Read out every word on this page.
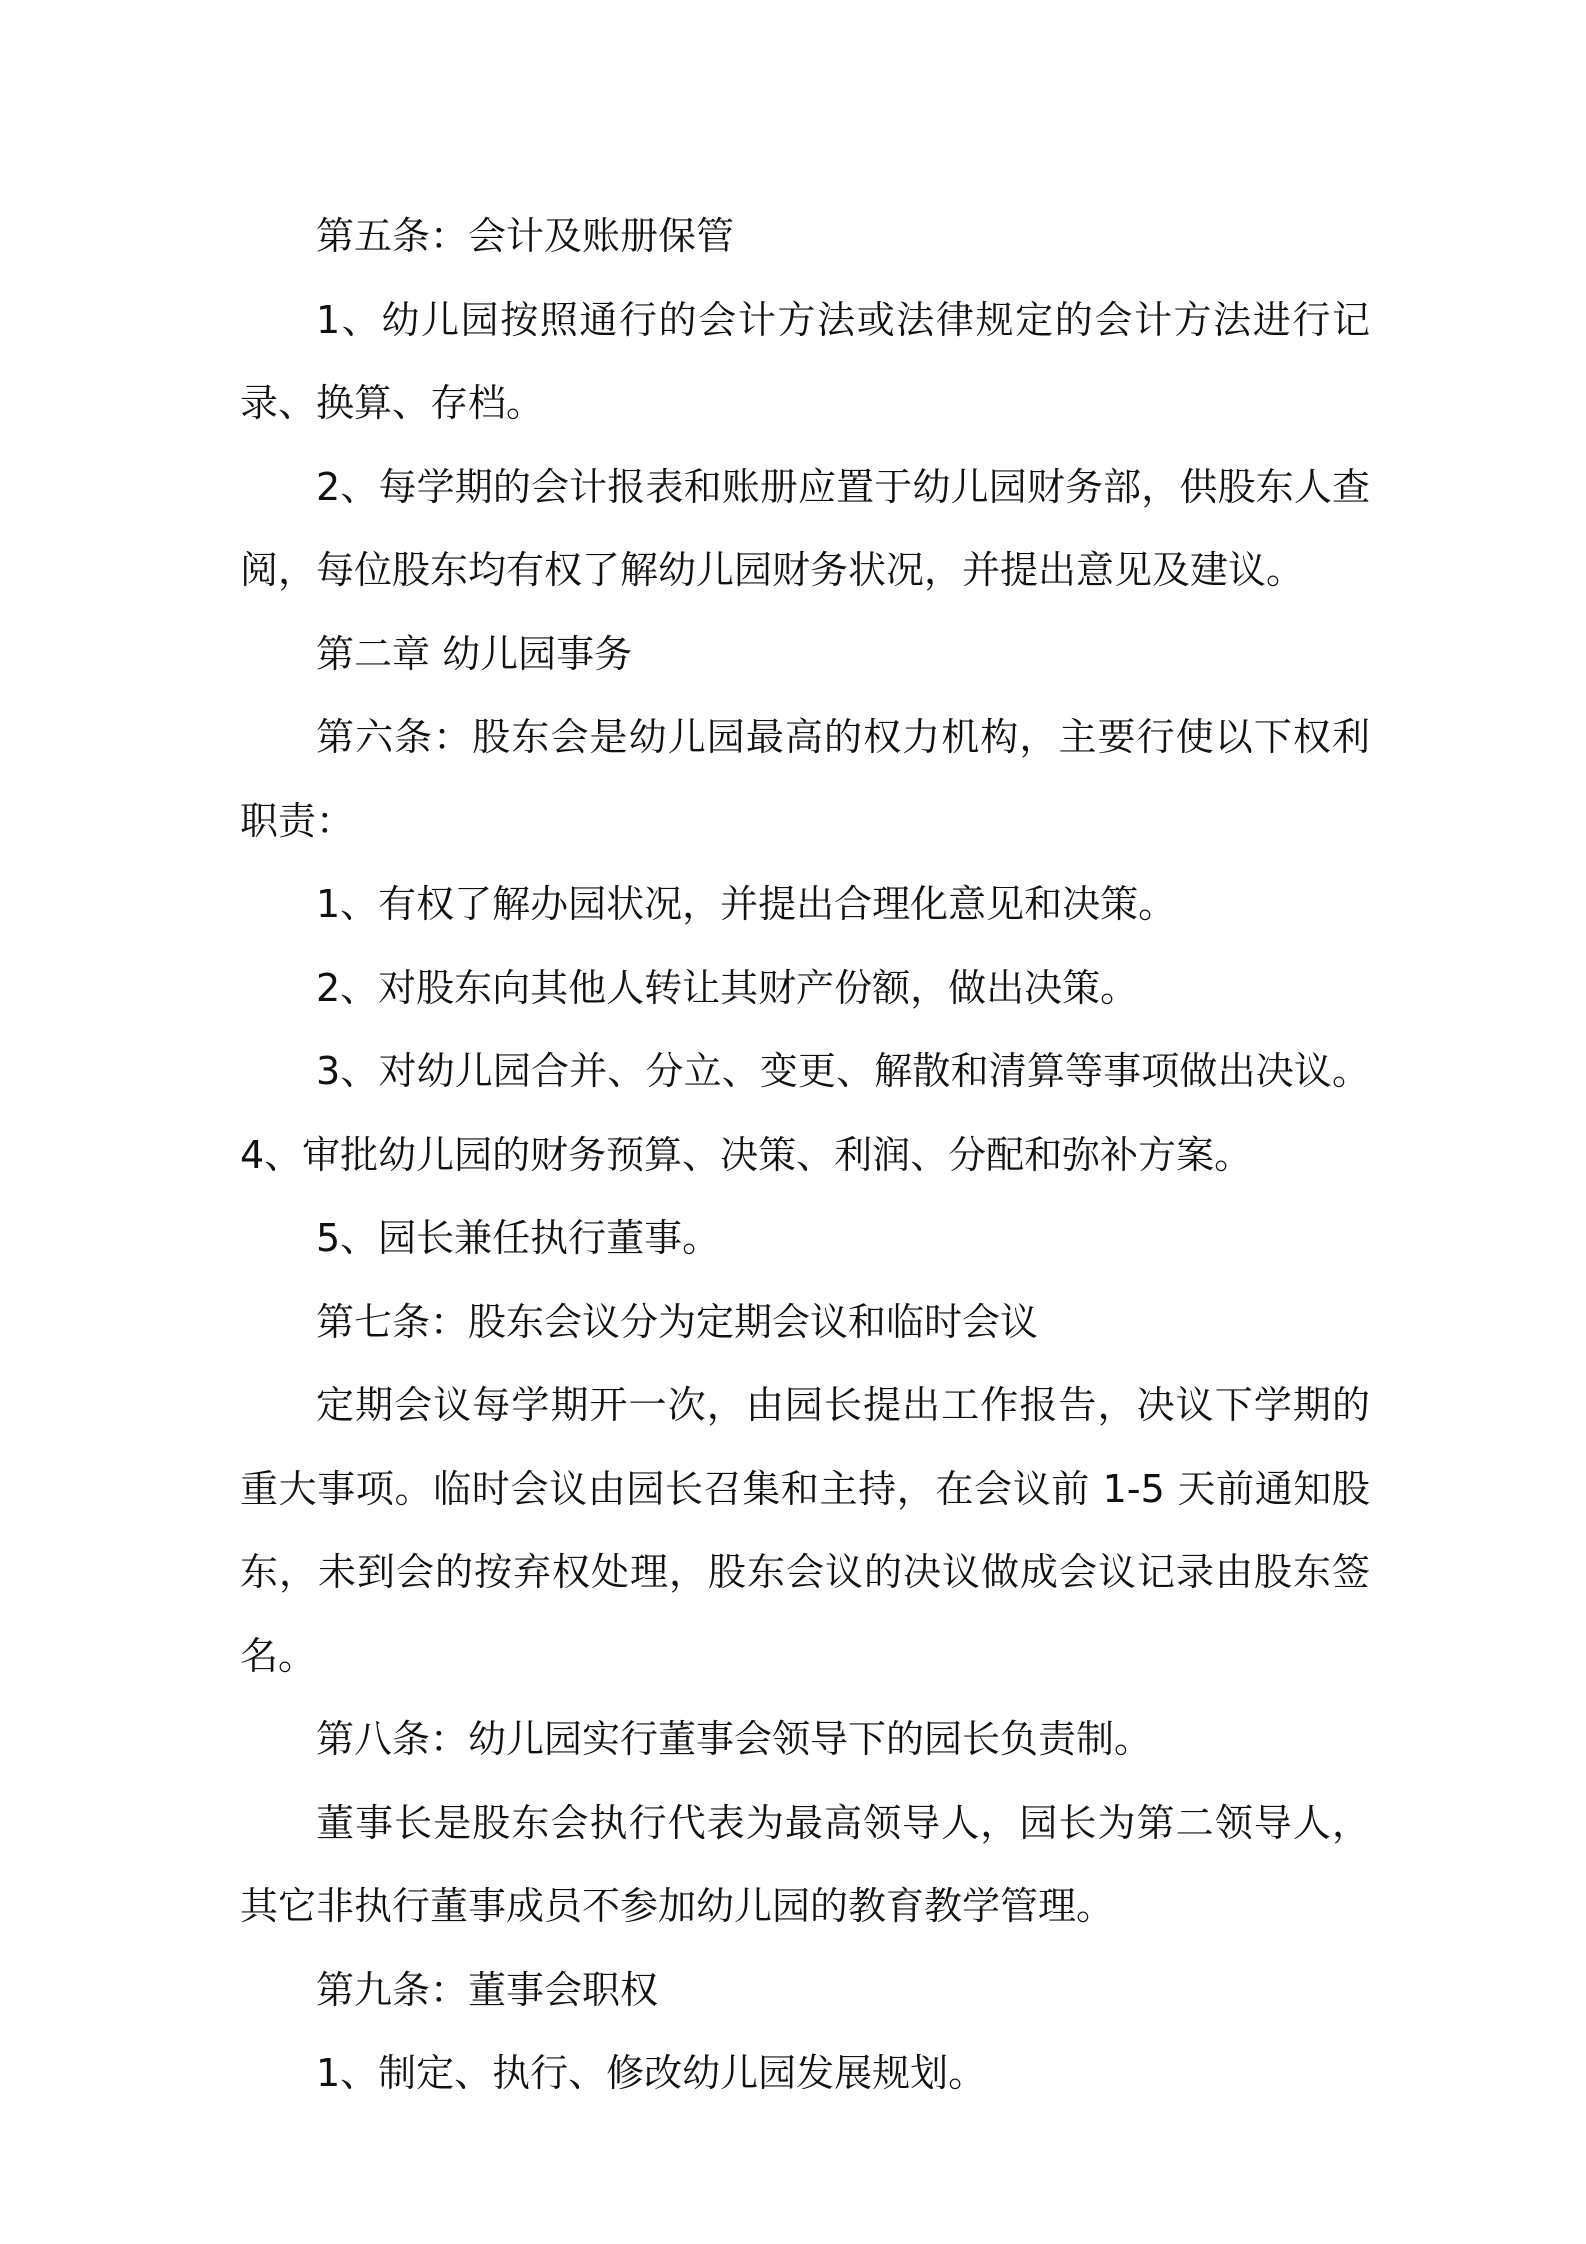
第五条：会计及账册保管

1、幼儿园按照通行的会计方法或法律规定的会计方法进行记录、换算、存档。

2、每学期的会计报表和账册应置于幼儿园财务部，供股东人查阅，每位股东均有权了解幼儿园财务状况，并提出意见及建议。

第二章 幼儿园事务

第六条：股东会是幼儿园最高的权力机构，主要行使以下权利职责：

1、有权了解办园状况，并提出合理化意见和决策。

2、对股东向其他人转让其财产份额，做出决策。

3、对幼儿园合并、分立、变更、解散和清算等事项做出决议。 4、审批幼儿园的财务预算、决策、利润、分配和弥补方案。

5、园长兼任执行董事。

第七条：股东会议分为定期会议和临时会议

定期会议每学期开一次，由园长提出工作报告，决议下学期的重大事项。临时会议由园长召集和主持，在会议前 1-5 天前通知股东，未到会的按弃权处理，股东会议的决议做成会议记录由股东签名。

第八条：幼儿园实行董事会领导下的园长负责制。

董事长是股东会执行代表为最高领导人，园长为第二领导人，其它非执行董事成员不参加幼儿园的教育教学管理。

第九条：董事会职权

1、制定、执行、修改幼儿园发展规划。
